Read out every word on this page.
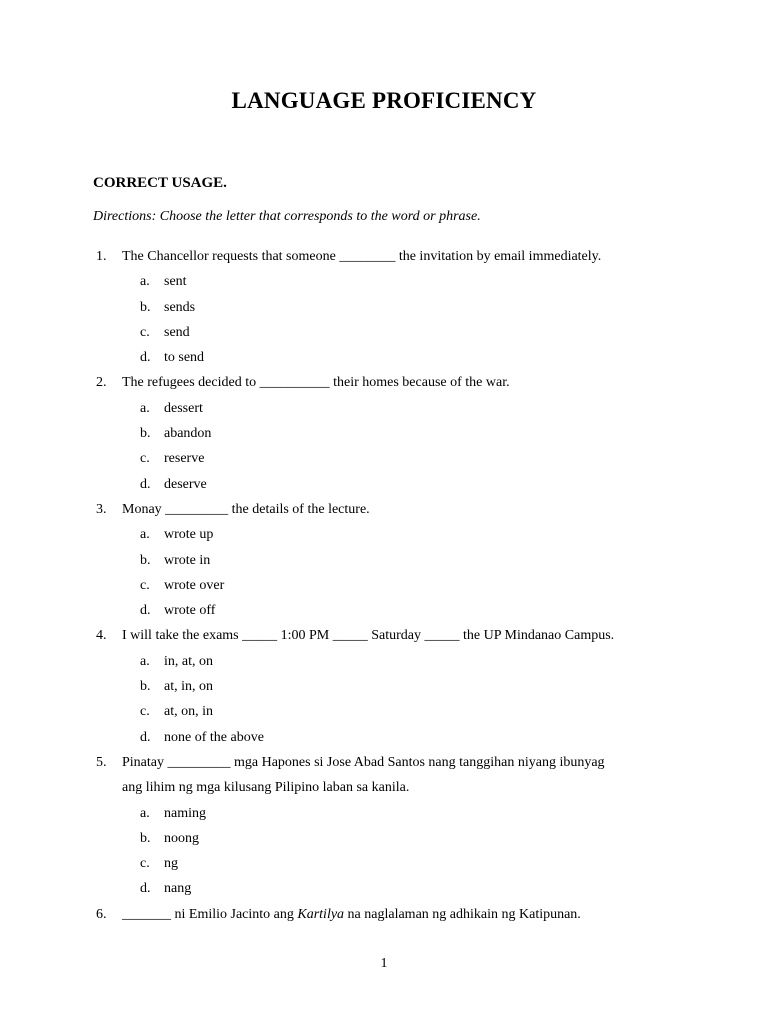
LANGUAGE PROFICIENCY
CORRECT USAGE.
Directions: Choose the letter that corresponds to the word or phrase.
1. The Chancellor requests that someone ________ the invitation by email immediately.
a. sent
b. sends
c. send
d. to send
2. The refugees decided to __________ their homes because of the war.
a. dessert
b. abandon
c. reserve
d. deserve
3. Monay _________ the details of the lecture.
a. wrote up
b. wrote in
c. wrote over
d. wrote off
4. I will take the exams _____ 1:00 PM _____ Saturday _____ the UP Mindanao Campus.
a. in, at, on
b. at, in, on
c. at, on, in
d. none of the above
5. Pinatay _________ mga Hapones si Jose Abad Santos nang tanggihan niyang ibunyag
ang lihim ng mga kilusang Pilipino laban sa kanila.
a. naming
b. noong
c. ng
d. nang
6. _______ ni Emilio Jacinto ang Kartilya na naglalaman ng adhikain ng Katipunan.
1
